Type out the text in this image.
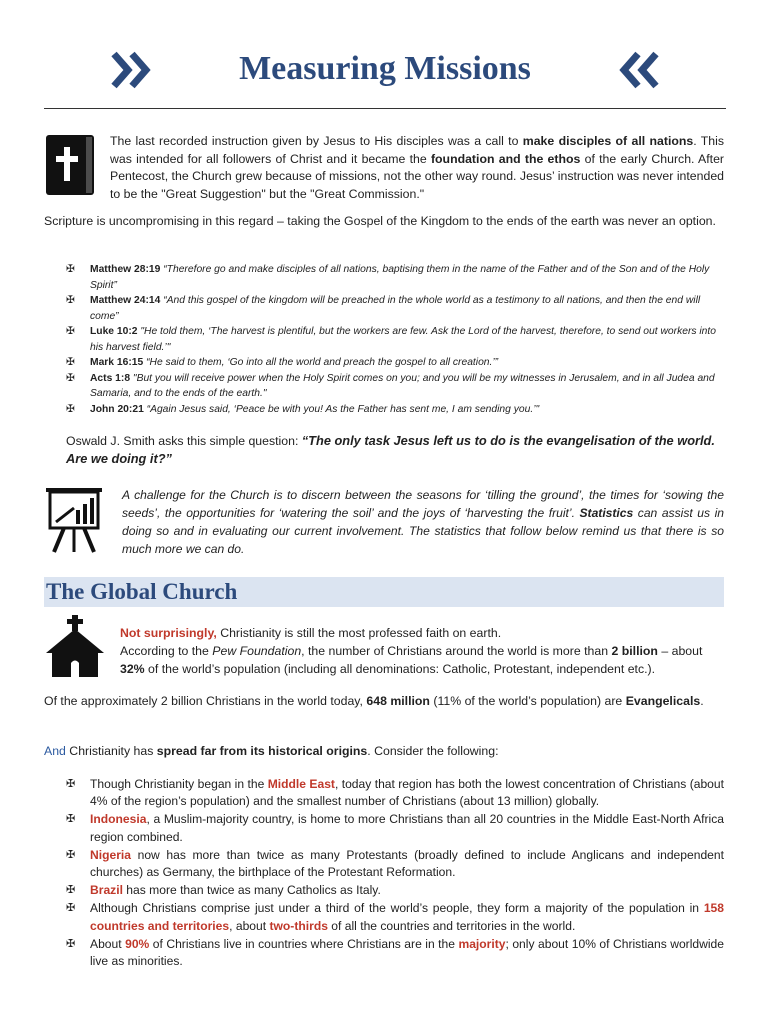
Measuring Missions
The last recorded instruction given by Jesus to His disciples was a call to make disciples of all nations. This was intended for all followers of Christ and it became the foundation and the ethos of the early Church. After Pentecost, the Church grew because of missions, not the other way round. Jesus’ instruction was never intended to be the "Great Suggestion" but the "Great Commission."
Scripture is uncompromising in this regard – taking the Gospel of the Kingdom to the ends of the earth was never an option.
✠ Matthew 28:19 “Therefore go and make disciples of all nations, baptising them in the name of the Father and of the Son and of the Holy Spirit”
✠ Matthew 24:14 “And this gospel of the kingdom will be preached in the whole world as a testimony to all nations, and then the end will come”
✠ Luke 10:2 "He told them, ‘The harvest is plentiful, but the workers are few. Ask the Lord of the harvest, therefore, to send out workers into his harvest field.’"
✠ Mark 16:15 “He said to them, ‘Go into all the world and preach the gospel to all creation.’”
✠ Acts 1:8 "But you will receive power when the Holy Spirit comes on you; and you will be my witnesses in Jerusalem, and in all Judea and Samaria, and to the ends of the earth."
✠ John 20:21 “Again Jesus said, ‘Peace be with you! As the Father has sent me, I am sending you.’"
Oswald J. Smith asks this simple question: “The only task Jesus left us to do is the evangelisation of the world. Are we doing it?”
A challenge for the Church is to discern between the seasons for ‘tilling the ground’, the times for ‘sowing the seeds’, the opportunities for ‘watering the soil’ and the joys of ‘harvesting the fruit’. Statistics can assist us in doing so and in evaluating our current involvement. The statistics that follow below remind us that there is so much more we can do.
The Global Church
Not surprisingly, Christianity is still the most professed faith on earth.
According to the Pew Foundation, the number of Christians around the world is more than 2 billion – about 32% of the world’s population (including all denominations: Catholic, Protestant, independent etc.).
Of the approximately 2 billion Christians in the world today, 648 million (11% of the world’s population) are Evangelicals.
And Christianity has spread far from its historical origins. Consider the following:
✠ Though Christianity began in the Middle East, today that region has both the lowest concentration of Christians (about 4% of the region’s population) and the smallest number of Christians (about 13 million) globally.
✠ Indonesia, a Muslim-majority country, is home to more Christians than all 20 countries in the Middle East-North Africa region combined.
✠ Nigeria now has more than twice as many Protestants (broadly defined to include Anglicans and independent churches) as Germany, the birthplace of the Protestant Reformation.
✠ Brazil has more than twice as many Catholics as Italy.
✠ Although Christians comprise just under a third of the world’s people, they form a majority of the population in 158 countries and territories, about two-thirds of all the countries and territories in the world.
✠ About 90% of Christians live in countries where Christians are in the majority; only about 10% of Christians worldwide live as minorities.
